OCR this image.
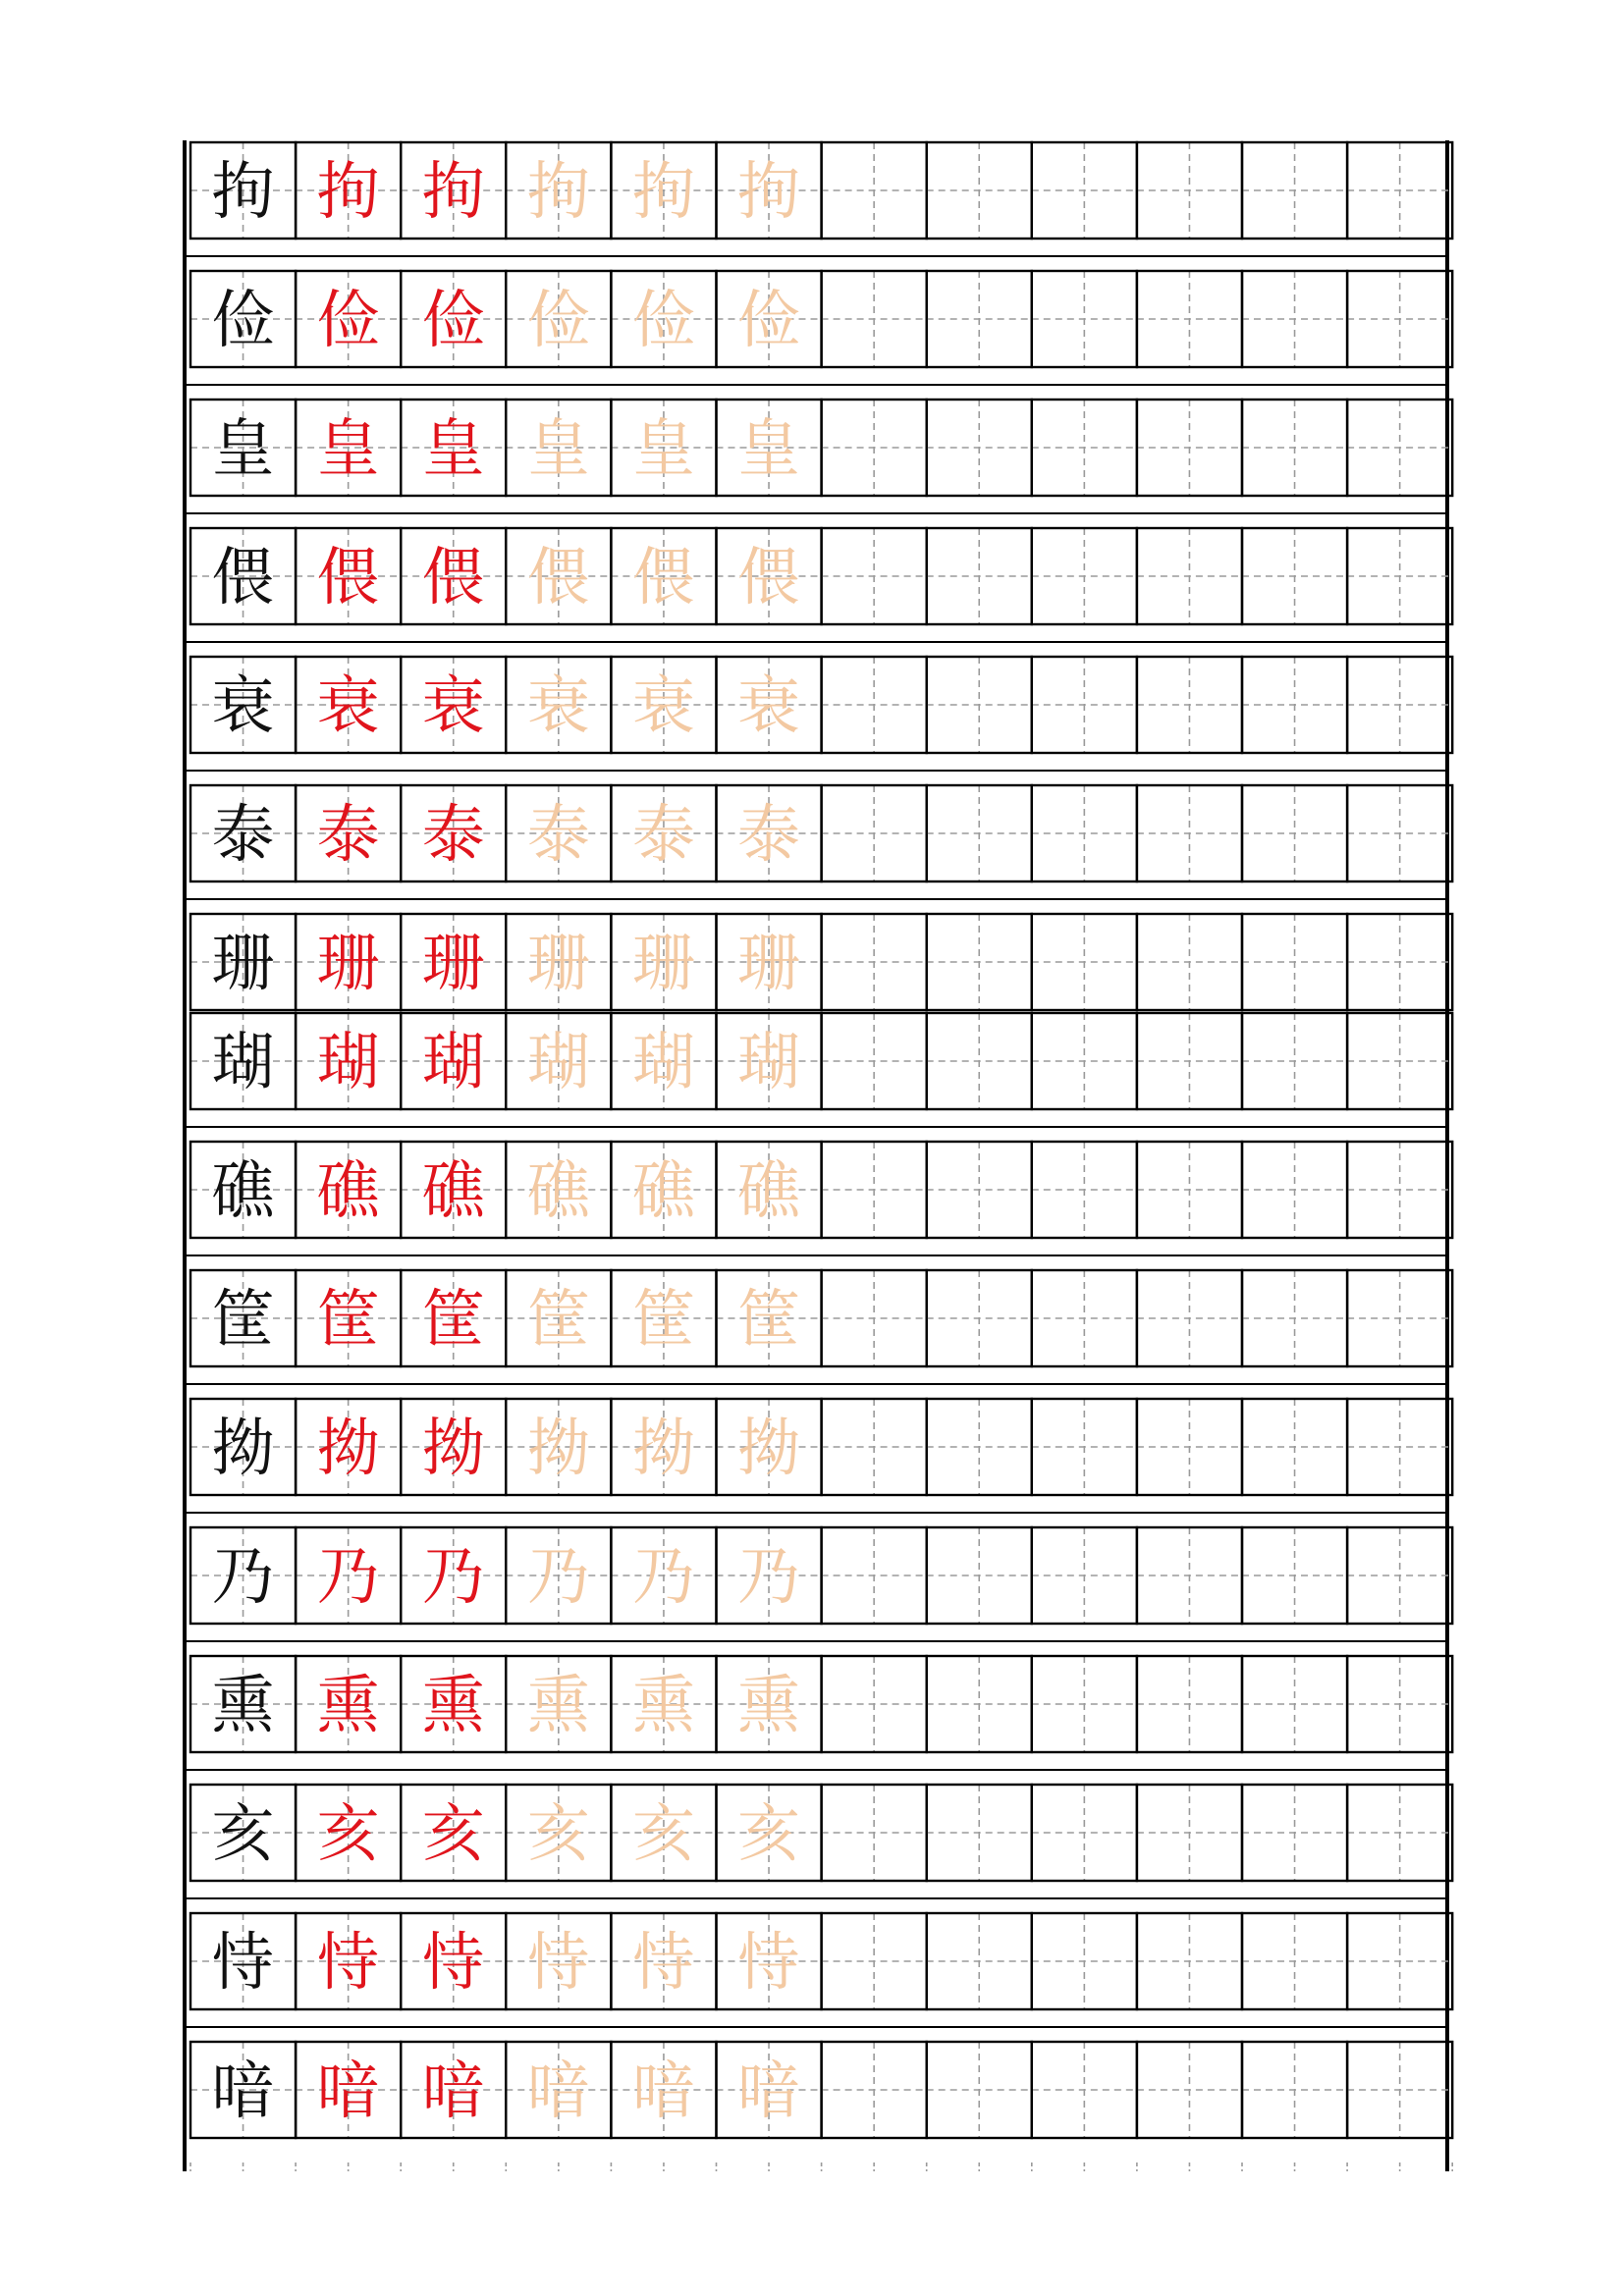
拘 拘 拘 拘 拘 拘
俭 俭 俭 俭 俭 俭
皇 皇 皇 皇 皇 皇
偎 偎 偎 偎 偎 偎
衰 衰 衰 衰 衰 衰
泰 泰 泰 泰 泰 泰
珊 珊 珊 珊 珊 珊
瑚 瑚 瑚 瑚 瑚 瑚
礁 礁 礁 礁 礁 礁
筐 筐 筐 筐 筐 筐
拗 拗 拗 拗 拗 拗
乃 乃 乃 乃 乃 乃
熏 熏 熏 熏 熏 熏
亥 亥 亥 亥 亥 亥
恃 恃 恃 恃 恃 恃
喑 喑 喑 喑 喑 喑
